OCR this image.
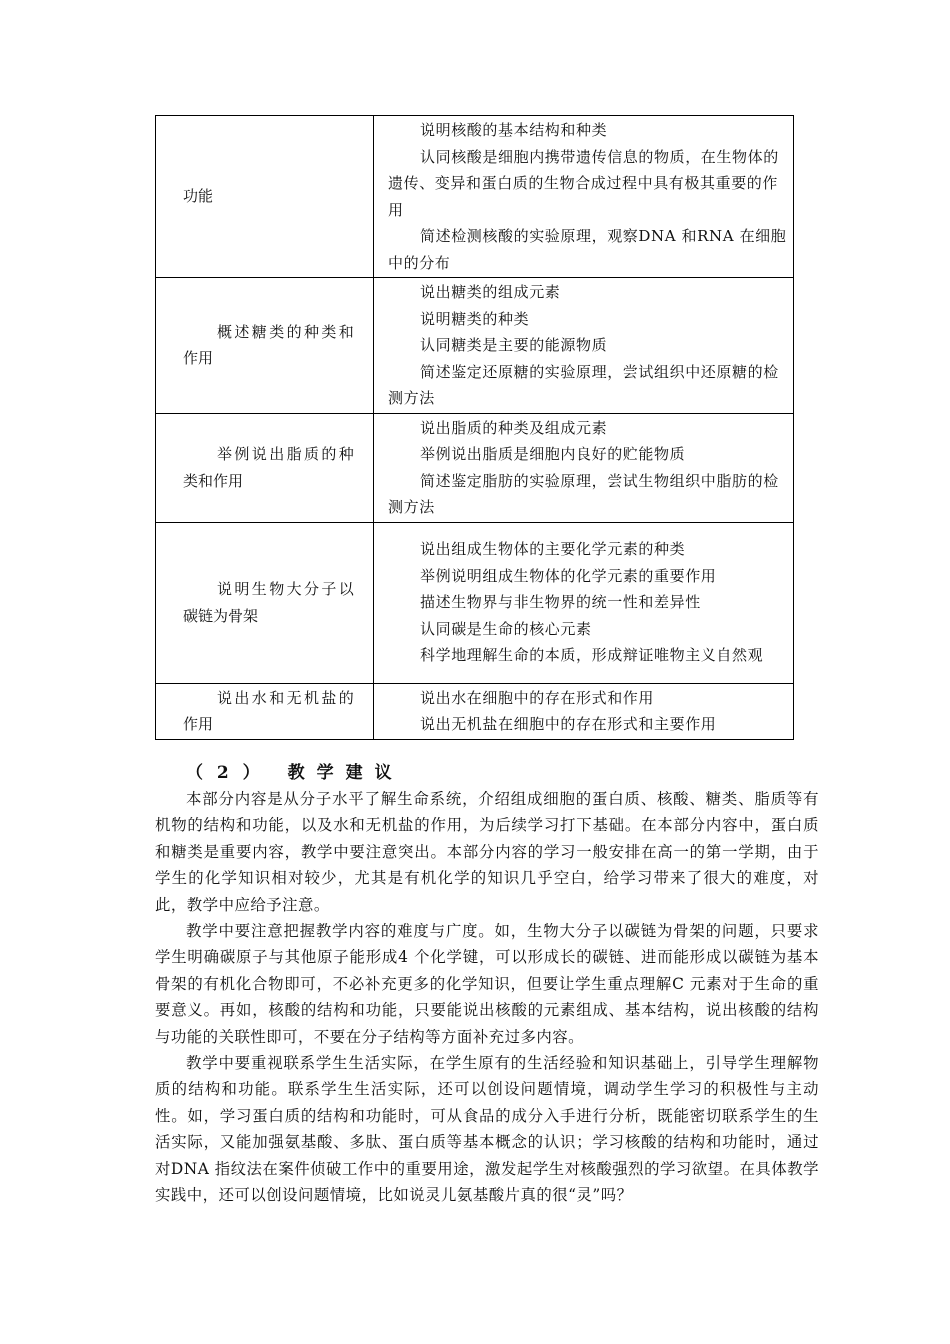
功能	说明核酸的基本结构和种类
认同核酸是细胞内携带遗传信息的物质，在生物体的遗传、变异和蛋白质的生物合成过程中具有极其重要的作用
简述检测核酸的实验原理，观察DNA 和RNA 在细胞中的分布

概述糖类的种类和
作用	说出糖类的组成元素
说明糖类的种类
认同糖类是主要的能源物质
简述鉴定还原糖的实验原理，尝试组织中还原糖的检测方法

举例说出脂质的种
类和作用	说出脂质的种类及组成元素
举例说出脂质是细胞内良好的贮能物质
简述鉴定脂肪的实验原理，尝试生物组织中脂肪的检测方法

说明生物大分子以
碳链为骨架	说出组成生物体的主要化学元素的种类
举例说明组成生物体的化学元素的重要作用
描述生物界与非生物界的统一性和差异性
认同碳是生命的核心元素
科学地理解生命的本质，形成辩证唯物主义自然观

说出水和无机盐的
作用	说出水在细胞中的存在形式和作用
说出无机盐在细胞中的存在形式和主要作用
（ 2 ） 教学建议

本部分内容是从分子水平了解生命系统，介绍组成细胞的蛋白质、核酸、糖类、脂质等有机物的结构和功能，以及水和无机盐的作用，为后续学习打下基础。在本部分内容中，蛋白质和糖类是重要内容，教学中要注意突出。本部分内容的学习一般安排在高一的第一学期，由于学生的化学知识相对较少，尤其是有机化学的知识几乎空白，给学习带来了很大的难度，对此，教学中应给予注意。

教学中要注意把握教学内容的难度与广度。如，生物大分子以碳链为骨架的问题，只要求学生明确碳原子与其他原子能形成4 个化学键，可以形成长的碳链、进而能形成以碳链为基本骨架的有机化合物即可，不必补充更多的化学知识，但要让学生重点理解C 元素对于生命的重要意义。再如，核酸的结构和功能，只要能说出核酸的元素组成、基本结构，说出核酸的结构与功能的关联性即可，不要在分子结构等方面补充过多内容。

教学中要重视联系学生生活实际，在学生原有的生活经验和知识基础上，引导学生理解物质的结构和功能。联系学生生活实际，还可以创设问题情境，调动学生学习的积极性与主动性。如，学习蛋白质的结构和功能时，可从食品的成分入手进行分析，既能密切联系学生的生活实际，又能加强氨基酸、多肽、蛋白质等基本概念的认识；学习核酸的结构和功能时，通过对DNA 指纹法在案件侦破工作中的重要用途，激发起学生对核酸强烈的学习欲望。在具体教学实践中，还可以创设问题情境，比如说灵儿氨基酸片真的很“灵”吗？
